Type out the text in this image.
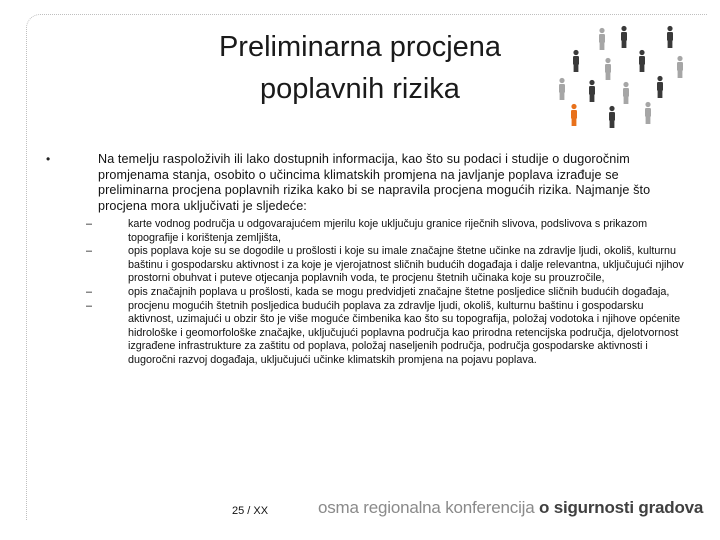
Preliminarna procjena
poplavnih rizika
•	Na temelju raspoloživih ili lako dostupnih informacija, kao što su podaci i studije o dugoročnim promjenama stanja, osobito o učincima klimatskih promjena na javljanje poplava izrađuje se preliminarna procjena poplavnih rizika kako bi se napravila procjena mogućih rizika. Najmanje što procjena mora uključivati je sljedeće:
–	karte vodnog područja u odgovarajućem mjerilu koje uključuju granice riječnih slivova, podslivova s prikazom topografije i korištenja zemljišta,
–	opis poplava koje su se dogodile u prošlosti i koje su imale značajne štetne učinke na zdravlje ljudi, okoliš, kulturnu baštinu i gospodarsku aktivnost i za koje je vjerojatnost sličnih budućih događaja i dalje relevantna, uključujući njihov prostorni obuhvat i puteve otjecanja poplavnih voda, te procjenu štetnih učinaka koje su prouzročile,
–	opis značajnih poplava u prošlosti, kada se mogu predvidjeti značajne štetne posljedice sličnih budućih događaja,
–	procjenu mogućih štetnih posljedica budućih poplava za zdravlje ljudi, okoliš, kulturnu baštinu i gospodarsku aktivnost, uzimajući u obzir što je više moguće čimbenika kao što su topografija, položaj vodotoka i njihove općenite hidrološke i geomorfološke značajke, uključujući poplavna područja kao prirodna retencijska područja, djelotvornost izgrađene infrastrukture za zaštitu od poplava, položaj naseljenih područja, područja gospodarske aktivnosti i dugoročni razvoj događaja, uključujući učinke klimatskih promjena na pojavu poplava.
25 / XX	osma regionalna konferencija o sigurnosti gradova
